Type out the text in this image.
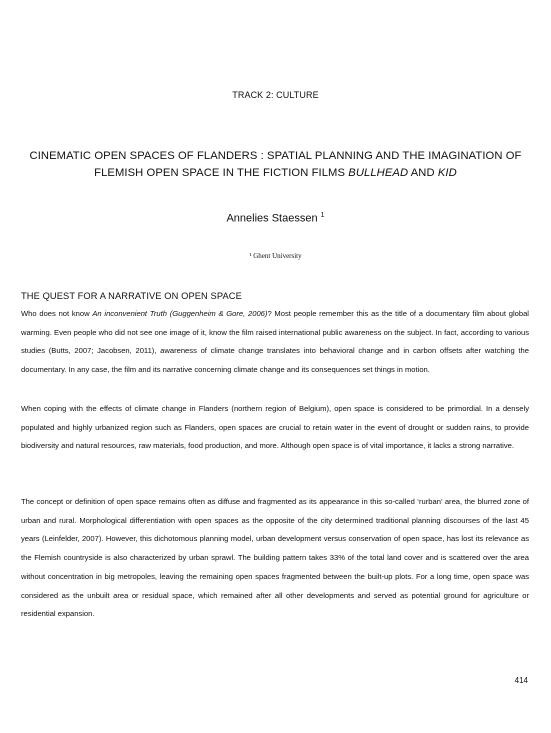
TRACK 2: CULTURE
CINEMATIC OPEN SPACES OF FLANDERS : SPATIAL PLANNING AND THE IMAGINATION OF FLEMISH OPEN SPACE IN THE FICTION FILMS BULLHEAD AND KID
Annelies Staessen $^1$
¹ Ghent University
THE QUEST FOR A NARRATIVE ON OPEN SPACE

Who does not know An inconvenient Truth (Guggenheim & Gore, 2006)? Most people remember this as the title of a documentary film about global warming. Even people who did not see one image of it, know the film raised international public awareness on the subject. In fact, according to various studies (Butts, 2007; Jacobsen, 2011), awareness of climate change translates into behavioral change and in carbon offsets after watching the documentary. In any case, the film and its narrative concerning climate change and its consequences set things in motion.

When coping with the effects of climate change in Flanders (northern region of Belgium), open space is considered to be primordial. In a densely populated and highly urbanized region such as Flanders, open spaces are crucial to retain water in the event of drought or sudden rains, to provide biodiversity and natural resources, raw materials, food production, and more. Although open space is of vital importance, it lacks a strong narrative.

The concept or definition of open space remains often as diffuse and fragmented as its appearance in this so-called ‘rurban’ area, the blurred zone of urban and rural. Morphological differentiation with open spaces as the opposite of the city determined traditional planning discourses of the last 45 years (Leinfelder, 2007). However, this dichotomous planning model, urban development versus conservation of open space, has lost its relevance as the Flemish countryside is also characterized by urban sprawl. The building pattern takes 33% of the total land cover and is scattered over the area without concentration in big metropoles, leaving the remaining open spaces fragmented between the built-up plots. For a long time, open space was considered as the unbuilt area or residual space, which remained after all other developments and served as potential ground for agriculture or residential expansion.

414
